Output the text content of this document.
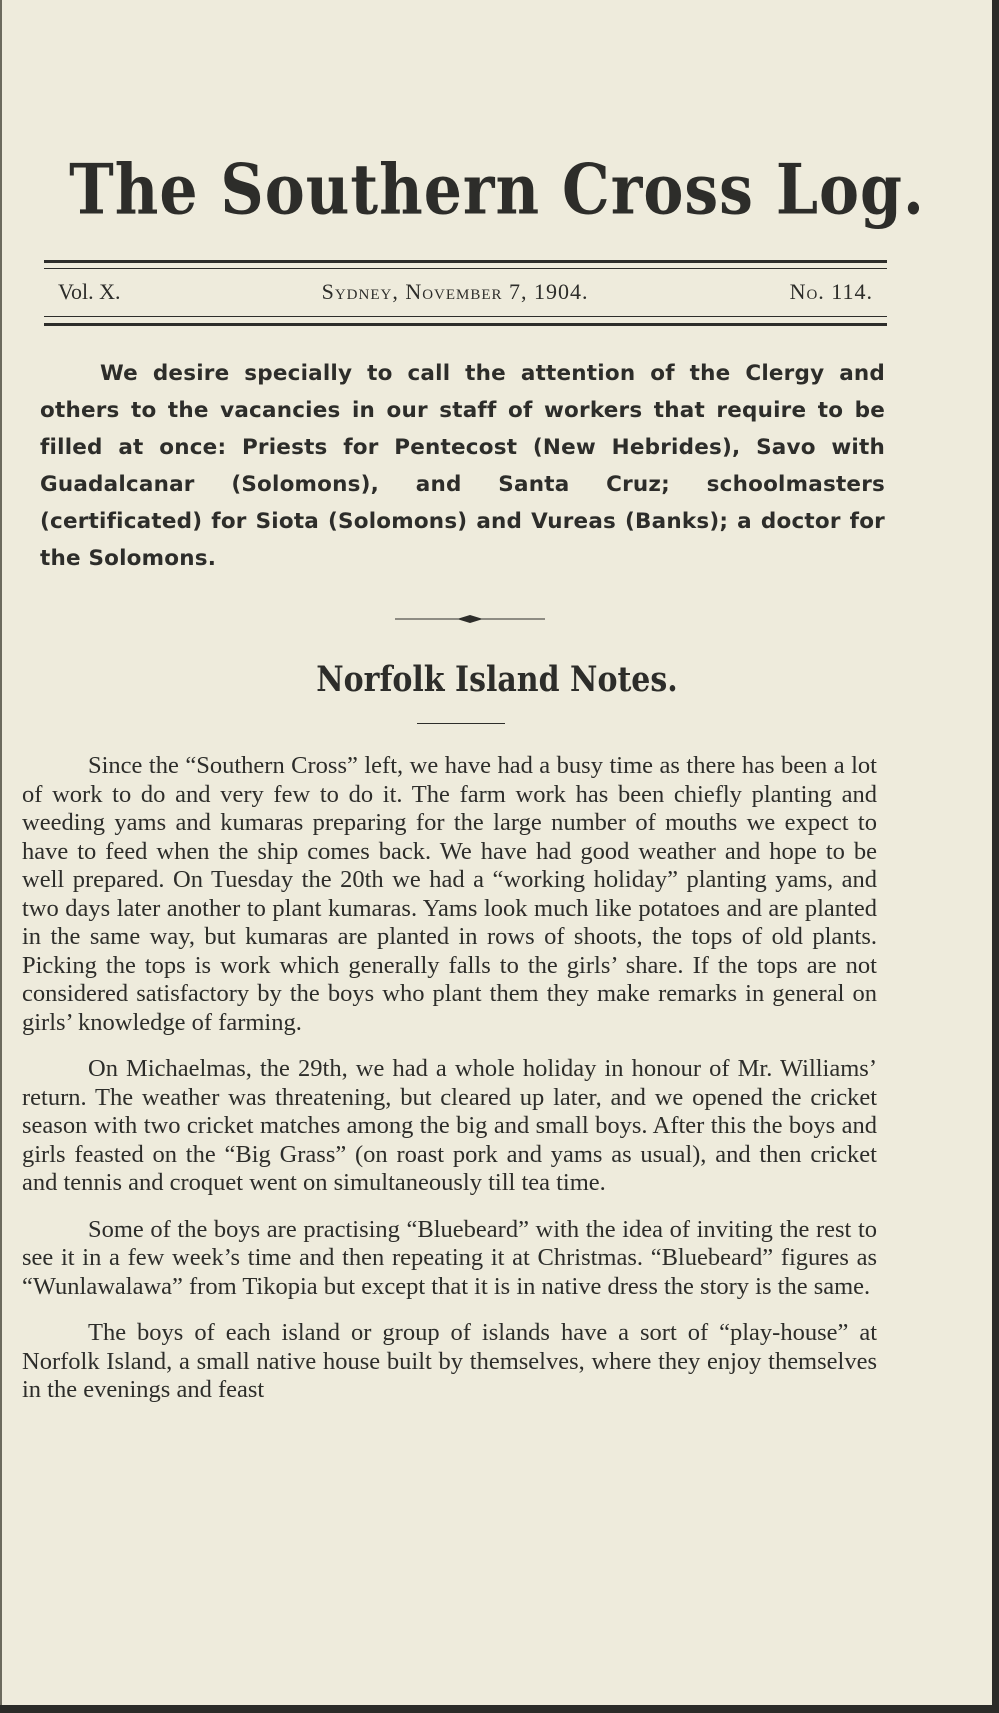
The Southern Cross Log.
Vol. X.	Sydney, November 7, 1904.	No. 114.
We desire specially to call the attention of the Clergy and others to the vacancies in our staff of workers that require to be filled at once: Priests for Pentecost (New Hebrides), Savo with Guadalcanar (Solomons), and Santa Cruz; schoolmasters (certificated) for Siota (Solomons) and Vureas (Banks); a doctor for the Solomons.
Norfolk Island Notes.

Since the “Southern Cross” left, we have had a busy time as there has been a lot of work to do and very few to do it. The farm work has been chiefly planting and weeding yams and kumaras preparing for the large number of mouths we expect to have to feed when the ship comes back. We have had good weather and hope to be well prepared. On Tuesday the 20th we had a “working holiday” planting yams, and two days later another to plant kumaras. Yams look much like potatoes and are planted in the same way, but kumaras are planted in rows of shoots, the tops of old plants. Picking the tops is work which generally falls to the girls’ share. If the tops are not considered satisfactory by the boys who plant them they make remarks in general on girls’ knowledge of farming.

On Michaelmas, the 29th, we had a whole holiday in honour of Mr. Williams’ return. The weather was threatening, but cleared up later, and we opened the cricket season with two cricket matches among the big and small boys. After this the boys and girls feasted on the “Big Grass” (on roast pork and yams as usual), and then cricket and tennis and croquet went on simultaneously till tea time.

Some of the boys are practising “Bluebeard” with the idea of inviting the rest to see it in a few week’s time and then repeating it at Christmas. “Bluebeard” figures as “Wunlawalawa” from Tikopia but except that it is in native dress the story is the same.

The boys of each island or group of islands have a sort of “play-house” at Norfolk Island, a small native house built by themselves, where they enjoy themselves in the evenings and feast
